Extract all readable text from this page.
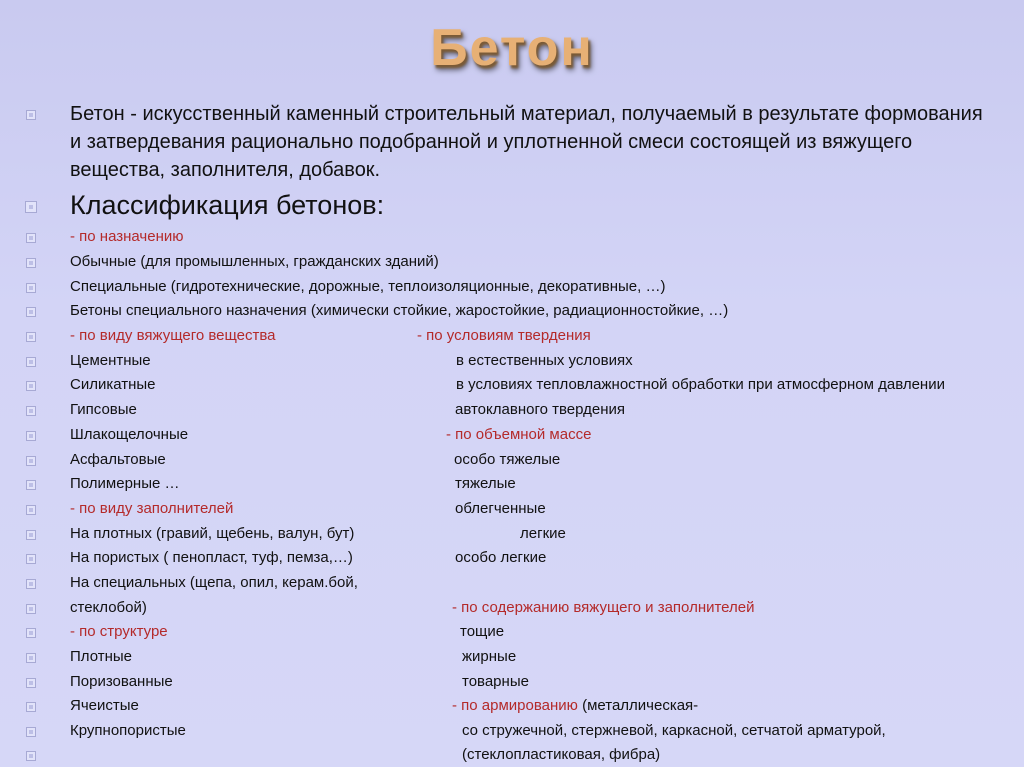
Бетон
Бетон - искусственный каменный строительный материал, получаемый в результате формования и затвердевания рационально подобранной и уплотненной смеси состоящей из вяжущего вещества, заполнителя, добавок.
Классификация бетонов:
- по назначению
Обычные (для промышленных, гражданских зданий)
Специальные (гидротехнические, дорожные, теплоизоляционные, декоративные, …)
Бетоны специального назначения (химически стойкие, жаростойкие, радиационностойкие, …)
- по виду вяжущего вещества
Цементные
Силикатные
Гипсовые
Шлакощелочные
Асфальтовые
Полимерные …
- по виду заполнителей
На плотных (гравий, щебень, валун, бут)
На пористых ( пенопласт, туф, пемза,…)
На специальных (щепа, опил, керам.бой,
стеклобой)
- по структуре
Плотные
Поризованные
Ячеистые
Крупнопористые
- по условиям твердения
в естественных условиях
в условиях тепловлажностной обработки при атмосферном давлении
автоклавного твердения
- по объемной массе
особо тяжелые
тяжелые
облегченные
легкие
особо легкие
- по содержанию вяжущего и заполнителей
тощие
жирные
товарные
- по армированию (металлическая-
со стружечной, стержневой, каркасной, сетчатой арматурой,
(стеклопластиковая, фибра)
